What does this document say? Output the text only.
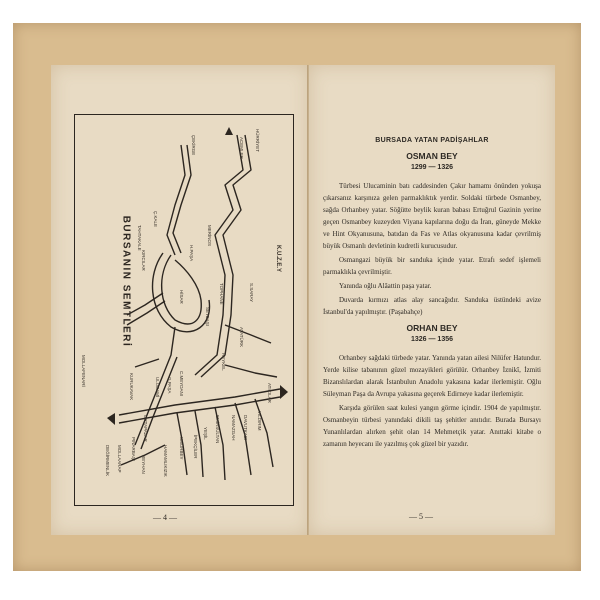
BURSANIN SEMTLERİ
HÜRRİYET
ACEMLER
ÇEKİRGE
Ç.KALE
TAHTAKALE
HİSAR
MERİNOS
H.PAŞA	K.U.Z.E.Y
S.SARAY
TOPHANE
SETBAŞI
ATATÜRK
KIRCILAR
HEYKEL
ATICILAR
YILDIRIM
DAVUTKADI
NAMAZGAH
EMİRSULTAN
YEŞİL
İPEKÇİLER
UMURBEY
G.PAŞA
ULUCAMİ	C.MEYDANI
MOLLAARAP	HAMAMLIKIZIK
REYHAN
PINARBAŞI
DEĞİRMENLİK
MOLLAFENARİ	KURUKAVAK
ORTAPAZAR
— 4 —
BURSADA YATAN PADİŞAHLAR
OSMAN BEY
1299 — 1326

Türbesi Ulucaminin batı caddesinden Çakır hamamı önünden yokuşa çıkarsanız karşınıza gelen parmaklıktık yerdir. Soldaki türbede Osmanbey, sağda Orhanbey yatar. Söğütte beylik kuran babası Ertuğrul Gazinin yerine geçen Osmanbey kuzeyden Viyana kapılarına doğu da İran, güneyde Mekke ve Hint Okyanusuna, batıdan da Fas ve Atlas okyanusuna kadar çevrilmiş büyük Osmanlı devletinin kudretli kurucusudur.

Osmangazi büyük bir sanduka içinde yatar. Etrafı sedef işlemeli parmaklıkla çevrilmiştir.

Yanında oğlu Alâattin paşa yatar.

Duvarda kırmızı atlas alay sancağıdır. Sanduka üstündeki avize İstanbul'da yapılmıştır. (Paşabahçe)

ORHAN BEY
1326 — 1356

Orhanbey sağdaki türbede yatar. Yanında yatan ailesi Nilüfer Hatundur. Yerde kilise tabanının güzel mozayikleri görülür. Orhanbey İznikî, İzmiti Bizanslılardan alarak İstanbulun Anadolu yakasına kadar ilerlemiştir. Oğlu Süleyman Paşa da Avrupa yakasına geçerek Edirneye kadar ilerlemiştir.

Karşıda görülen saat kulesi yangın görme içindir. 1904 de yapılmıştır. Osmanbeyin türbesi yanındaki dikili taş şehitler anıtıdır. Burada Bursayı Yunanlılardan alırken şehit olan 14 Mehmetçik yatar. Anıttaki kitabe o zamanın heyecanı ile yazılmış çok güzel bir yazıdır.

— 5 —
